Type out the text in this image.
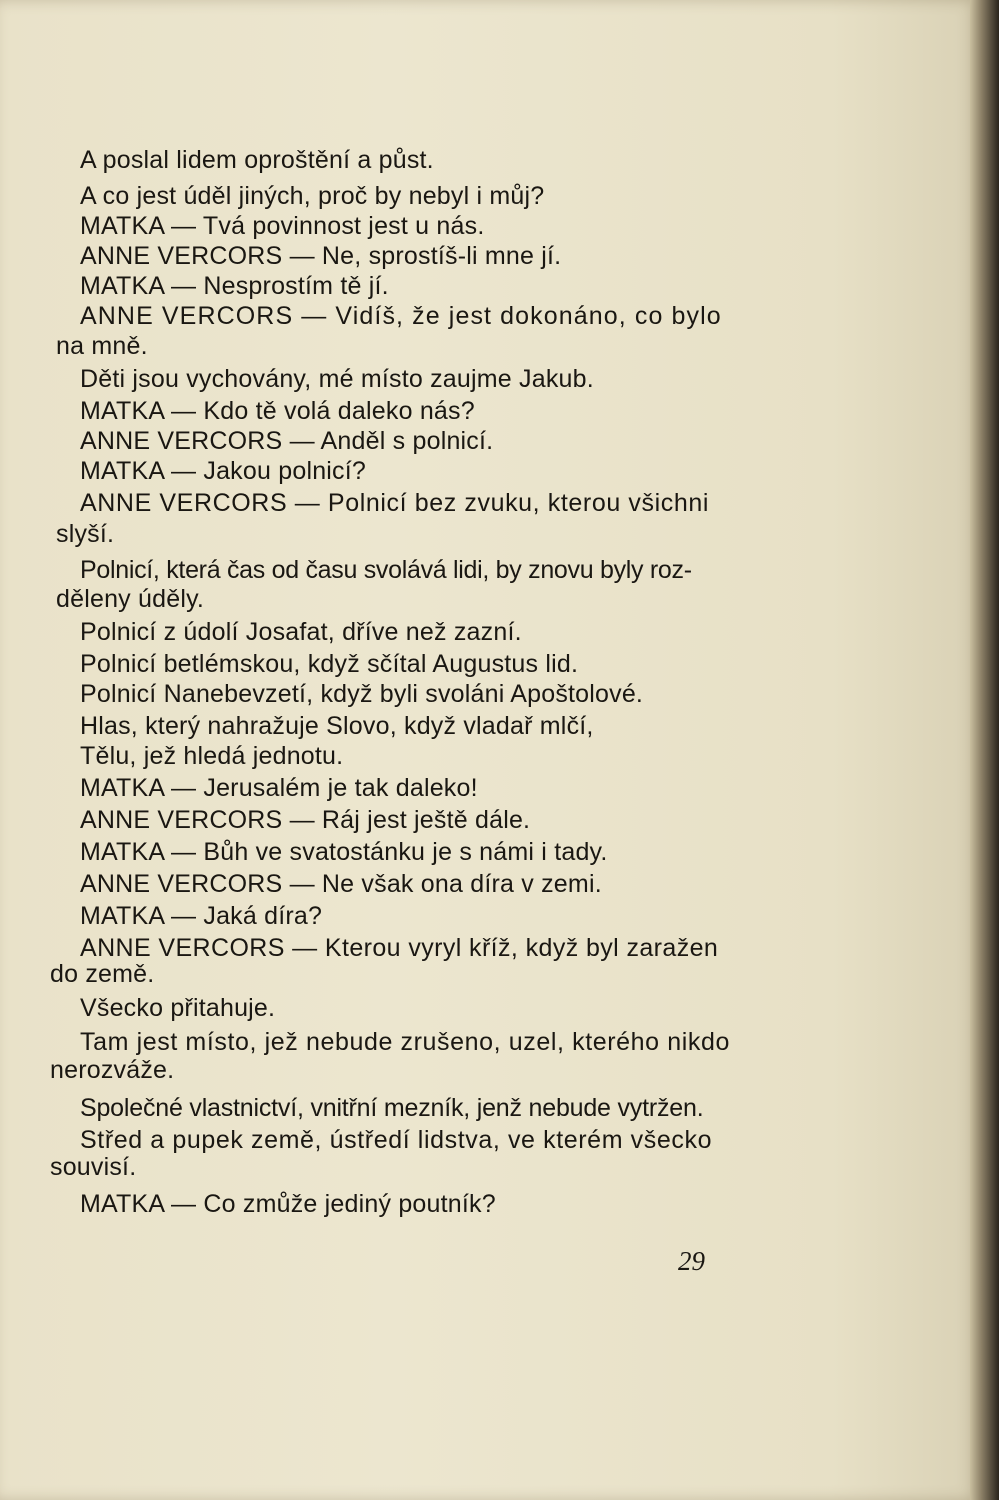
A poslal lidem oproštění a půst.
A co jest úděl jiných, proč by nebyl i můj?
MATKA — Tvá povinnost jest u nás.
ANNE VERCORS — Ne, sprostíš-li mne jí.
MATKA — Nesprostím tě jí.
ANNE VERCORS — Vidíš, že jest dokonáno, co bylo
na mně.
Děti jsou vychovány, mé místo zaujme Jakub.
MATKA — Kdo tě volá daleko nás?
ANNE VERCORS — Anděl s polnicí.
MATKA — Jakou polnicí?
ANNE VERCORS — Polnicí bez zvuku, kterou všichni
slyší.
Polnicí, která čas od času svolává lidi, by znovu byly roz-
děleny úděly.
Polnicí z údolí Josafat, dříve než zazní.
Polnicí betlémskou, když sčítal Augustus lid.
Polnicí Nanebevzetí, když byli svoláni Apoštolové.
Hlas, který nahražuje Slovo, když vladař mlčí,
Tělu, jež hledá jednotu.
MATKA — Jerusalém je tak daleko!
ANNE VERCORS — Ráj jest ještě dále.
MATKA — Bůh ve svatostánku je s námi i tady.
ANNE VERCORS — Ne však ona díra v zemi.
MATKA — Jaká díra?
ANNE VERCORS — Kterou vyryl kříž, když byl zaražen
do země.
Všecko přitahuje.
Tam jest místo, jež nebude zrušeno, uzel, kterého nikdo
nerozváže.
Společné vlastnictví, vnitřní mezník, jenž nebude vytržen.
Střed a pupek země, ústředí lidstva, ve kterém všecko
souvisí.
MATKA — Co zmůže jediný poutník?
29
